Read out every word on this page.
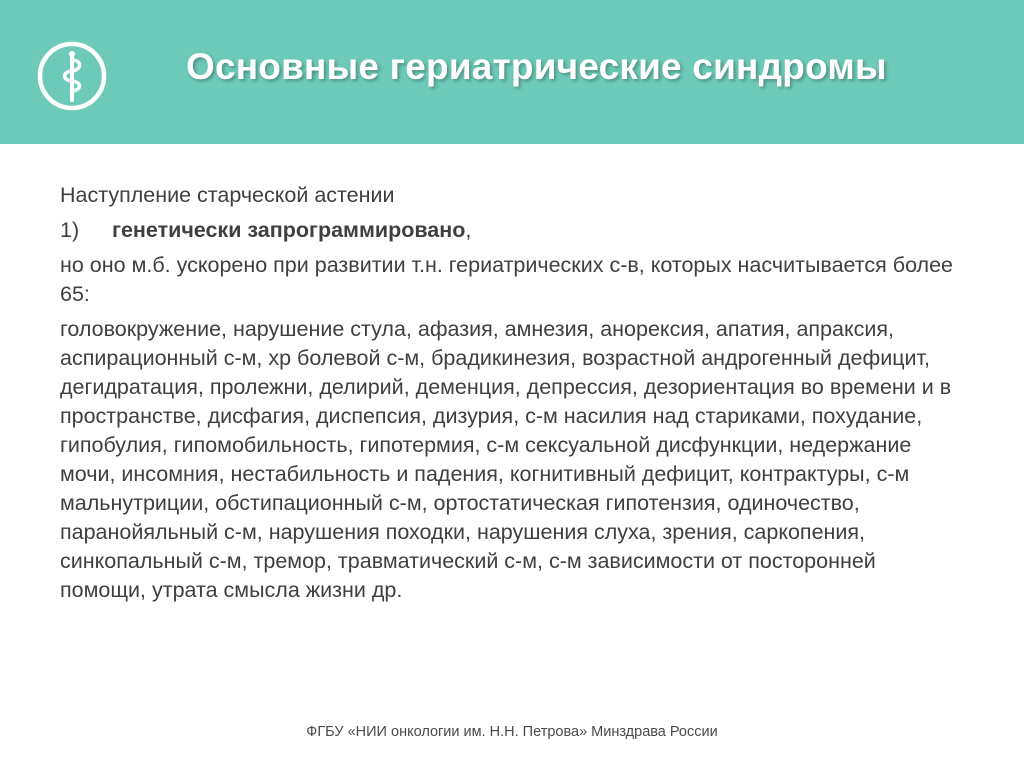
Основные гериатрические синдромы

Наступление старческой астении

1)	генетически запрограммировано,

но оно м.б. ускорено при развитии т.н. гериатрических с-в, которых насчитывается более 65:

головокружение, нарушение стула, афазия, амнезия, анорексия, апатия, апраксия, аспирационный с-м, хр болевой с-м, брадикинезия, возрастной андрогенный дефицит, дегидратация, пролежни, делирий, деменция, депрессия, дезориентация во времени и в пространстве, дисфагия, диспепсия, дизурия, с-м насилия над стариками, похудание, гипобулия, гипомобильность, гипотермия, с-м сексуальной дисфункции, недержание мочи, инсомния, нестабильность и падения, когнитивный дефицит, контрактуры, с-м мальнутриции, обстипационный с-м, ортостатическая гипотензия, одиночество, паранойяльный с-м, нарушения походки, нарушения слуха, зрения, саркопения, синкопальный с-м, тремор, травматический с-м, с-м зависимости от посторонней помощи, утрата смысла жизни др.

ФГБУ «НИИ онкологии им. Н.Н. Петрова» Минздрава России
